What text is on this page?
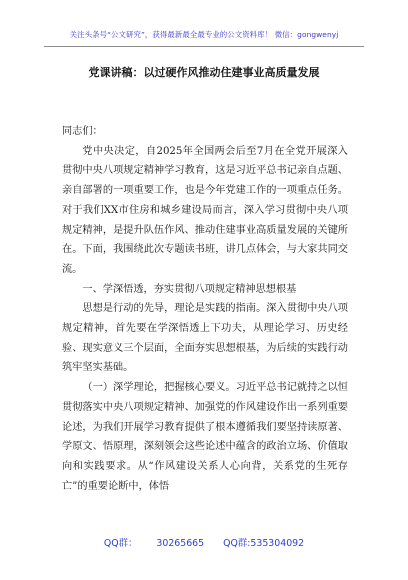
关注头条号“公文研究”，获得最新最全最专业的公文资料库！ 微信：gongwenyj
党课讲稿：以过硬作风推动住建事业高质量发展

同志们：

党中央决定，自2025年全国两会后至7月在全党开展深入贯彻中央八项规定精神学习教育，这是习近平总书记亲自点题、亲自部署的一项重要工作，也是今年党建工作的一项重点任务。对于我们XX市住房和城乡建设局而言，深入学习贯彻中央八项规定精神，是提升队伍作风、推动住建事业高质量发展的关键所在。下面，我围绕此次专题读书班，讲几点体会，与大家共同交流。

一、学深悟透，夯实贯彻八项规定精神思想根基

思想是行动的先导，理论是实践的指南。深入贯彻中央八项规定精神，首先要在学深悟透上下功夫，从理论学习、历史经验、现实意义三个层面，全面夯实思想根基，为后续的实践行动筑牢坚实基础。

（一）深学理论，把握核心要义。习近平总书记就持之以恒贯彻落实中央八项规定精神、加强党的作风建设作出一系列重要论述，为我们开展学习教育提供了根本遵循我们要坚持读原著、学原文、悟原理，深刻领会这些论述中蕴含的政治立场、价值取向和实践要求。从“作风建设关系人心向背，关系党的生死存亡”的重要论断中，体悟

QQ群： 30265665 QQ群:535304092
